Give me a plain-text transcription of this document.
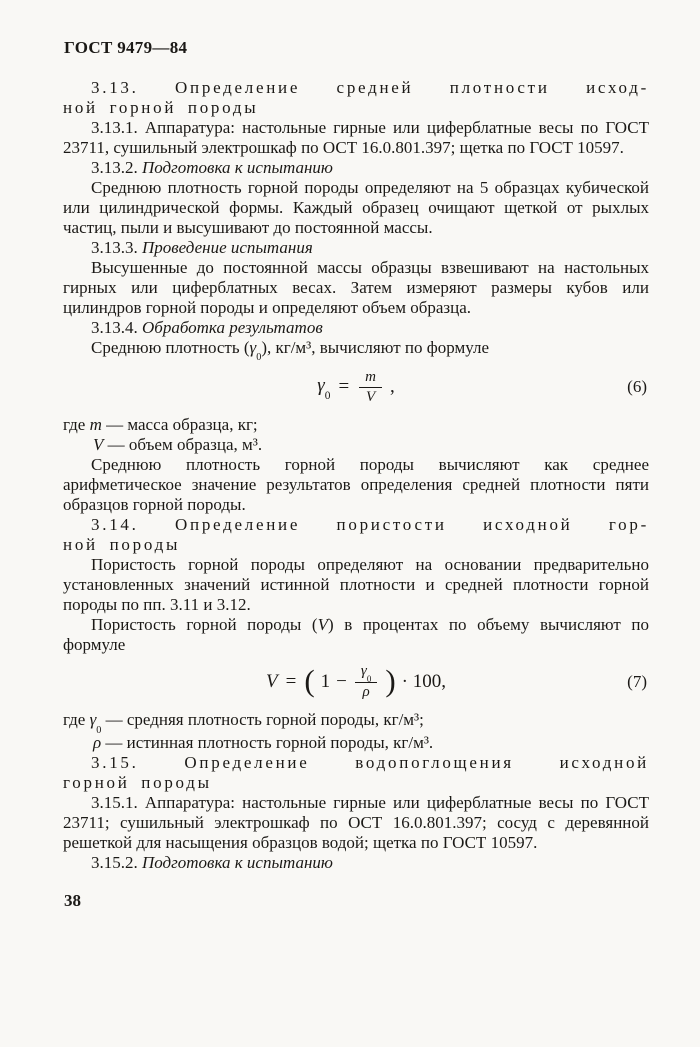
ГОСТ 9479—84
3.13. Определение средней плотности исход-
ной горной породы

3.13.1. Аппаратура: настольные гирные или циферблатные весы по ГОСТ 23711, сушильный электрошкаф по ОСТ 16.0.801.397; щетка по ГОСТ 10597.

3.13.2. Подготовка к испытанию

Среднюю плотность горной породы определяют на 5 образцах кубической или цилиндрической формы. Каждый образец очищают щеткой от рыхлых частиц, пыли и высушивают до постоянной массы.

3.13.3. Проведение испытания

Высушенные до постоянной массы образцы взвешивают на настольных гирных или циферблатных весах. Затем измеряют размеры кубов или цилиндров горной породы и определяют объем образца.

3.13.4. Обработка результатов

Среднюю плотность $(\gamma_0)$, кг/м³, вычисляют по формуле

$\gamma_0 = \frac{m}{V}$ ,	(6)

где m — масса образца, кг;

V — объем образца, м³.

Среднюю плотность горной породы вычисляют как среднее арифметическое значение результатов определения средней плотности пяти образцов горной породы.

3.14. Определение пористости исходной гор-
ной породы

Пористость горной породы определяют на основании предварительно установленных значений истинной плотности и средней плотности горной породы по пп. 3.11 и 3.12.

Пористость горной породы (V) в процентах по объему вычисляют по формуле

V = ( $1 - \frac{\gamma_0}{\rho}$ ) · 100,	(7)

где $\gamma_0$ — средняя плотность горной породы, кг/м³;

ρ — истинная плотность горной породы, кг/м³.

3.15. Определение водопоглощения исходной
горной породы

3.15.1. Аппаратура: настольные гирные или циферблатные весы по ГОСТ 23711; сушильный электрошкаф по ОСТ 16.0.801.397; сосуд с деревянной решеткой для насыщения образцов водой; щетка по ГОСТ 10597.

3.15.2. Подготовка к испытанию

38
